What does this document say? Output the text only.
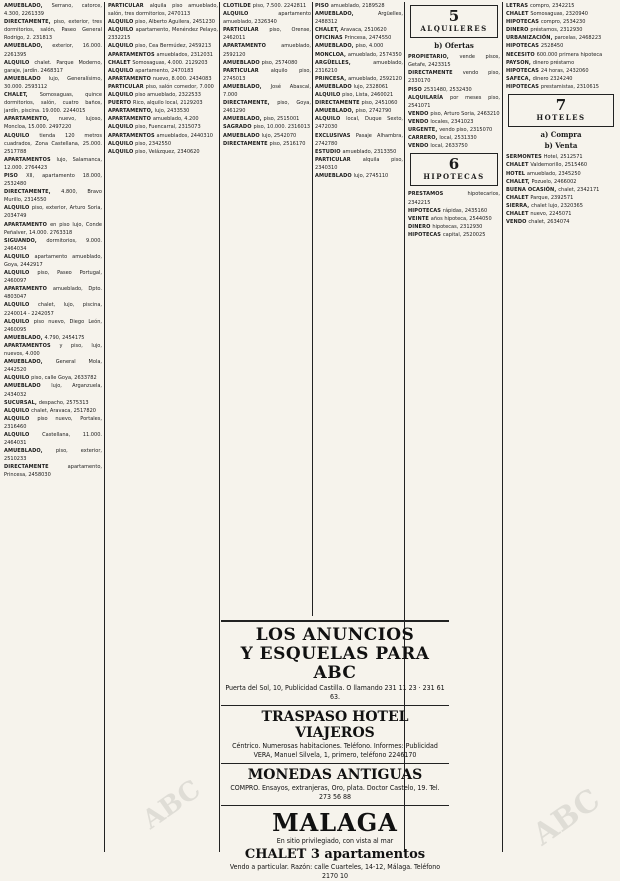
AMUEBLADO, Serrano, catorce, 4.300, 2261339

DIRECTAMENTE, piso, exterior, tres dormitorios, salón, Paseo General Rodrigo, 2. 231813

AMUEBLADO, exterior, 16.000. 2261395

ALQUILO chalet. Parque Moderno, garaje, jardín. 2468317

AMUEBLADO lujo, Generalísimo, 30.000. 2593112

CHALET, Somosaguas, quince dormitorios, salón, cuatro baños, jardín, piscina. 19.000. 2244015

APARTAMENTO, nuevo, lujoso, Moncloa, 15.000. 2497220

ALQUILO tienda 120 metros cuadrados, Zona Castellana, 25.000. 2517788

APARTAMENTOS lujo, Salamanca, 12.000. 2764423

PISO XII, apartamento 18.000, 2532480

DIRECTAMENTE, 4.800, Bravo Murillo, 2314550

ALQUILO piso, exterior, Arturo Soria, 2034749

APARTAMENTO en piso lujo, Conde Peñalver, 14.000. 2763318

SIGUANDO, dormitorios, 9.000. 2464034

ALQUILO apartamento amueblado, Goya, 2442917

ALQUILO piso, Paseo Portugal, 2460097

APARTAMENTO amueblado, Dpto. 4803047

ALQUILO chalet, lujo, piscina, 2240014 - 2242057

ALQUILO piso nuevo, Diego León, 2460095

AMUEBLADO, 4.790, 2454175

APARTAMENTOS y piso, lujo, nuevos, 4.000

AMUEBLADO, General Mola, 2442520

ALQUILO piso, calle Goya, 2633782

AMUEBLADO lujo, Arganzuela, 2434032

SUCURSAL, despacho, 2575313

ALQUILO chalet, Aravaca, 2517820

ALQUILO piso nuevo, Portales, 2316460

ALQUILO Castellana, 11.000. 2464031

AMUEBLADO, piso, exterior, 2510233

DIRECTAMENTE apartamento, Princesa, 2458030

PARTICULAR alquila piso amueblado, salón, tres dormitorios, 2470113

ALQUILO piso, Alberto Aguilera, 2451230

ALQUILO apartamento, Menéndez Pelayo, 2332215

ALQUILO piso, Cea Bermúdez, 2459213

APARTAMENTOS amueblados, 2312031

CHALET Somosaguas, 4.000. 2129203

ALQUILO apartamento, 2470183

APARTAMENTO nuevo, 8.000. 2434083

PARTICULAR piso, salón comedor, 7.000

ALQUILO piso amueblado, 2322533

PUERTO Rico, alquilo local, 2129203

APARTAMENTO, lujo, 2433530

APARTAMENTO amueblado, 4.200

ALQUILO piso, Fuencarral, 2315073

APARTAMENTOS amueblados, 2440310

ALQUILO piso, 2342550

ALQUILO piso, Velázquez, 2340620

CLOTILDE piso, 7.500. 2242811

ALQUILO apartamento amueblado, 2326340

PARTICULAR piso, Orense, 2462011

APARTAMENTO amueblado, 2592120

AMUEBLADO piso, 2574080

PARTICULAR alquilo piso, 2745013

AMUEBLADO, José Abascal, 7.000

DIRECTAMENTE, piso, Goya, 2461290

AMUEBLADO, piso, 2515001

SAGRADO piso, 10.000. 2316013

AMUEBLADO lujo, 2542070

DIRECTAMENTE piso, 2516170

PISO amueblado, 2189528

AMUEBLADO, Argüelles, 2488312

CHALET, Aravaca, 2510620

OFICINAS Princesa, 2474550

AMUEBLADO, piso, 4.000

MONCLOA, amueblado, 2574350

ARGÜELLES, amueblado, 2316210

PRINCESA, amueblado, 2592120

AMUEBLADO lujo, 2328061

ALQUILO piso, Lista, 2460021

DIRECTAMENTE piso, 2451060

AMUEBLADO, piso, 2742790

ALQUILO local, Duque Sexto, 2472030

EXCLUSIVAS Pasaje Alhambra, 2742780

ESTUDIO amueblado, 2313350

PARTICULAR alquila piso, 2340310

AMUEBLADO lujo, 2745110

5
ALQUILERES
b) Ofertas

PROPIETARIO, vende pisos, Getafe, 2423315

DIRECTAMENTE vendo piso, 2330170

PISO 2531480, 2532430

ALQUILARÍA por meses piso, 2541071

VENDO piso, Arturo Soria, 2463210

VENDO locales, 2341023

URGENTE, vendo piso, 2315070

CARRERO, local, 2531330

VENDO local, 2633750

6
HIPOTECAS

PRESTAMOS hipotecarios, 2342215

HIPOTECAS rápidas, 2435160

VEINTE años hipoteca, 2544050

DINERO hipotecas, 2312930

HIPOTECAS capital, 2520025

LETRAS compro, 2342215

CHALET Somosaguas, 2320940

HIPOTECAS compro, 2534230

DINERO préstamos, 2312930

URBANIZACIÓN, parcelas, 2468223

HIPOTECAS 2528450

NECESITO 600.000 primera hipoteca

PAYSON, dinero préstamo

HIPOTECAS 24 horas, 2432060

SAFECA, dinero 2324240

HIPOTECAS prestamistas, 2310615

7
HOTELES
a) Compra
b) Venta

SERMONTES Hotel, 2512571

CHALET Valdemorillo, 2515460

HOTEL amueblado, 2345250

CHALET, Pozuelo, 2466002

BUENA OCASIÓN, chalet, 2342171

CHALET Parque, 2392571

SIERRA, chalet lujo, 2320365

CHALET nuevo, 2245071

VENDO chalet, 2634074

LOS ANUNCIOS
Y ESQUELAS PARA ABC
Puerta del Sol, 10, Publicidad Castilla. O llamando 231 11 23 · 231 61 63.
TRASPASO HOTEL VIAJEROS
Céntrico. Numerosas habitaciones. Teléfono. Informes: Publicidad VERA, Manuel Silvela, 1, primero, teléfono 2246170
MONEDAS ANTIGUAS
COMPRO. Ensayos, extranjeras, Oro, plata. Doctor Castelo, 19. Tel. 273 56 88
MALAGA
En sitio privilegiado, con vista al mar
CHALET 3 apartamentos
Vendo a particular. Razón: calle Cuarteles, 14-12, Málaga. Teléfono 2170 10
ABC	ABC
